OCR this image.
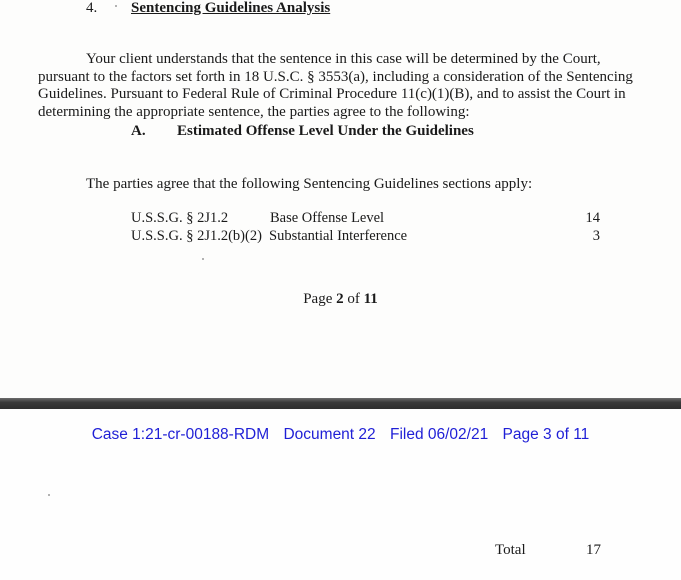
4. Sentencing Guidelines Analysis

Your client understands that the sentence in this case will be determined by the Court, pursuant to the factors set forth in 18 U.S.C. § 3553(a), including a consideration of the Sentencing Guidelines. Pursuant to Federal Rule of Criminal Procedure 11(c)(1)(B), and to assist the Court in determining the appropriate sentence, the parties agree to the following:

A. Estimated Offense Level Under the Guidelines
The parties agree that the following Sentencing Guidelines sections apply:
U.S.S.G. § 2J1.2	Base Offense Level	14
U.S.S.G. § 2J1.2(b)(2) Substantial Interference	3
Page 2 of 11
Case 1:21-cr-00188-RDM Document 22 Filed 06/02/21 Page 3 of 11
Total	17
